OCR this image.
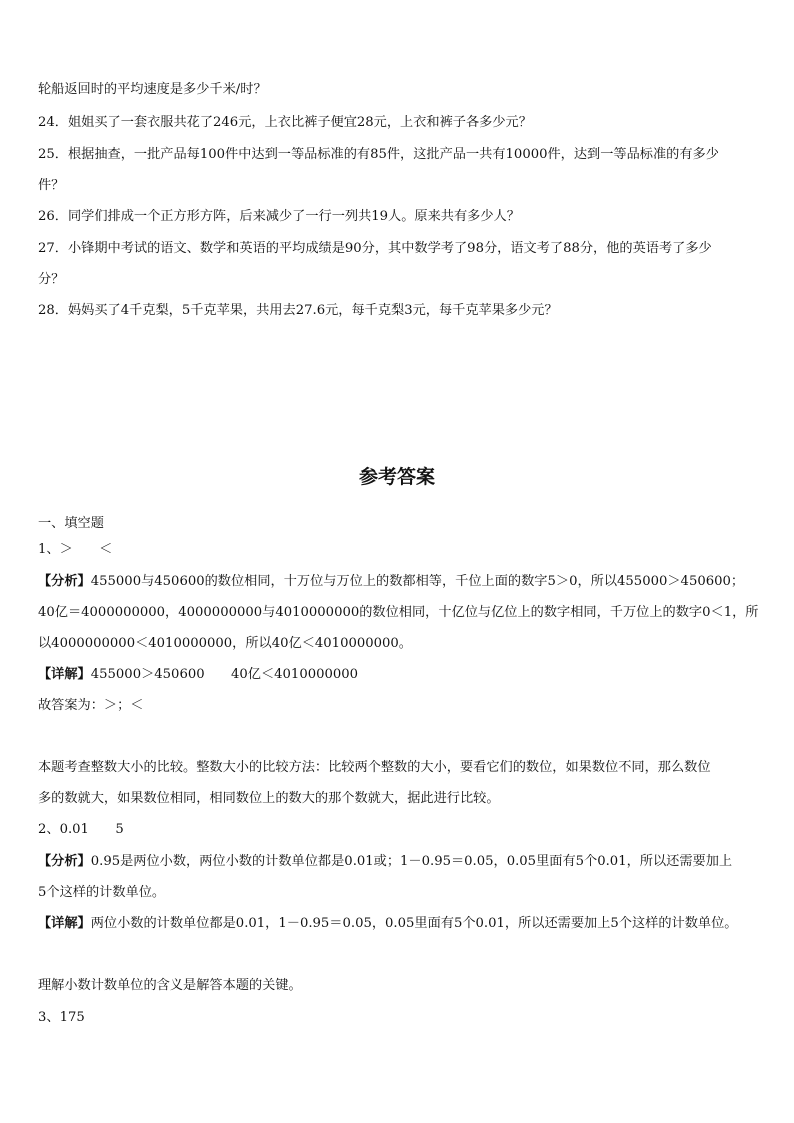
轮船返回时的平均速度是多少千米/时？
24．姐姐买了一套衣服共花了246元，上衣比裤子便宜28元，上衣和裤子各多少元？
25．根据抽查，一批产品每100件中达到一等品标准的有85件，这批产品一共有10000件，达到一等品标准的有多少
件？
26．同学们排成一个正方形方阵，后来减少了一行一列共19人。原来共有多少人？
27．小锋期中考试的语文、数学和英语的平均成绩是90分，其中数学考了98分，语文考了88分，他的英语考了多少
分？
28．妈妈买了4千克梨，5千克苹果，共用去27.6元，每千克梨3元，每千克苹果多少元？
参考答案
一、填空题
1、＞　　＜
【分析】455000与450600的数位相同，十万位与万位上的数都相等，千位上面的数字5＞0，所以455000＞450600；
40亿＝4000000000，4000000000与4010000000的数位相同，十亿位与亿位上的数字相同，千万位上的数字0＜1，所
以4000000000＜4010000000，所以40亿＜4010000000。
【详解】455000＞450600　　40亿＜4010000000
故答案为：＞；＜
本题考查整数大小的比较。整数大小的比较方法：比较两个整数的大小，要看它们的数位，如果数位不同，那么数位
多的数就大，如果数位相同，相同数位上的数大的那个数就大，据此进行比较。
2、0.01　　5
【分析】0.95是两位小数，两位小数的计数单位都是0.01或；1－0.95＝0.05，0.05里面有5个0.01，所以还需要加上
5个这样的计数单位。
【详解】两位小数的计数单位都是0.01，1－0.95＝0.05，0.05里面有5个0.01，所以还需要加上5个这样的计数单位。
理解小数计数单位的含义是解答本题的关键。
3、175
